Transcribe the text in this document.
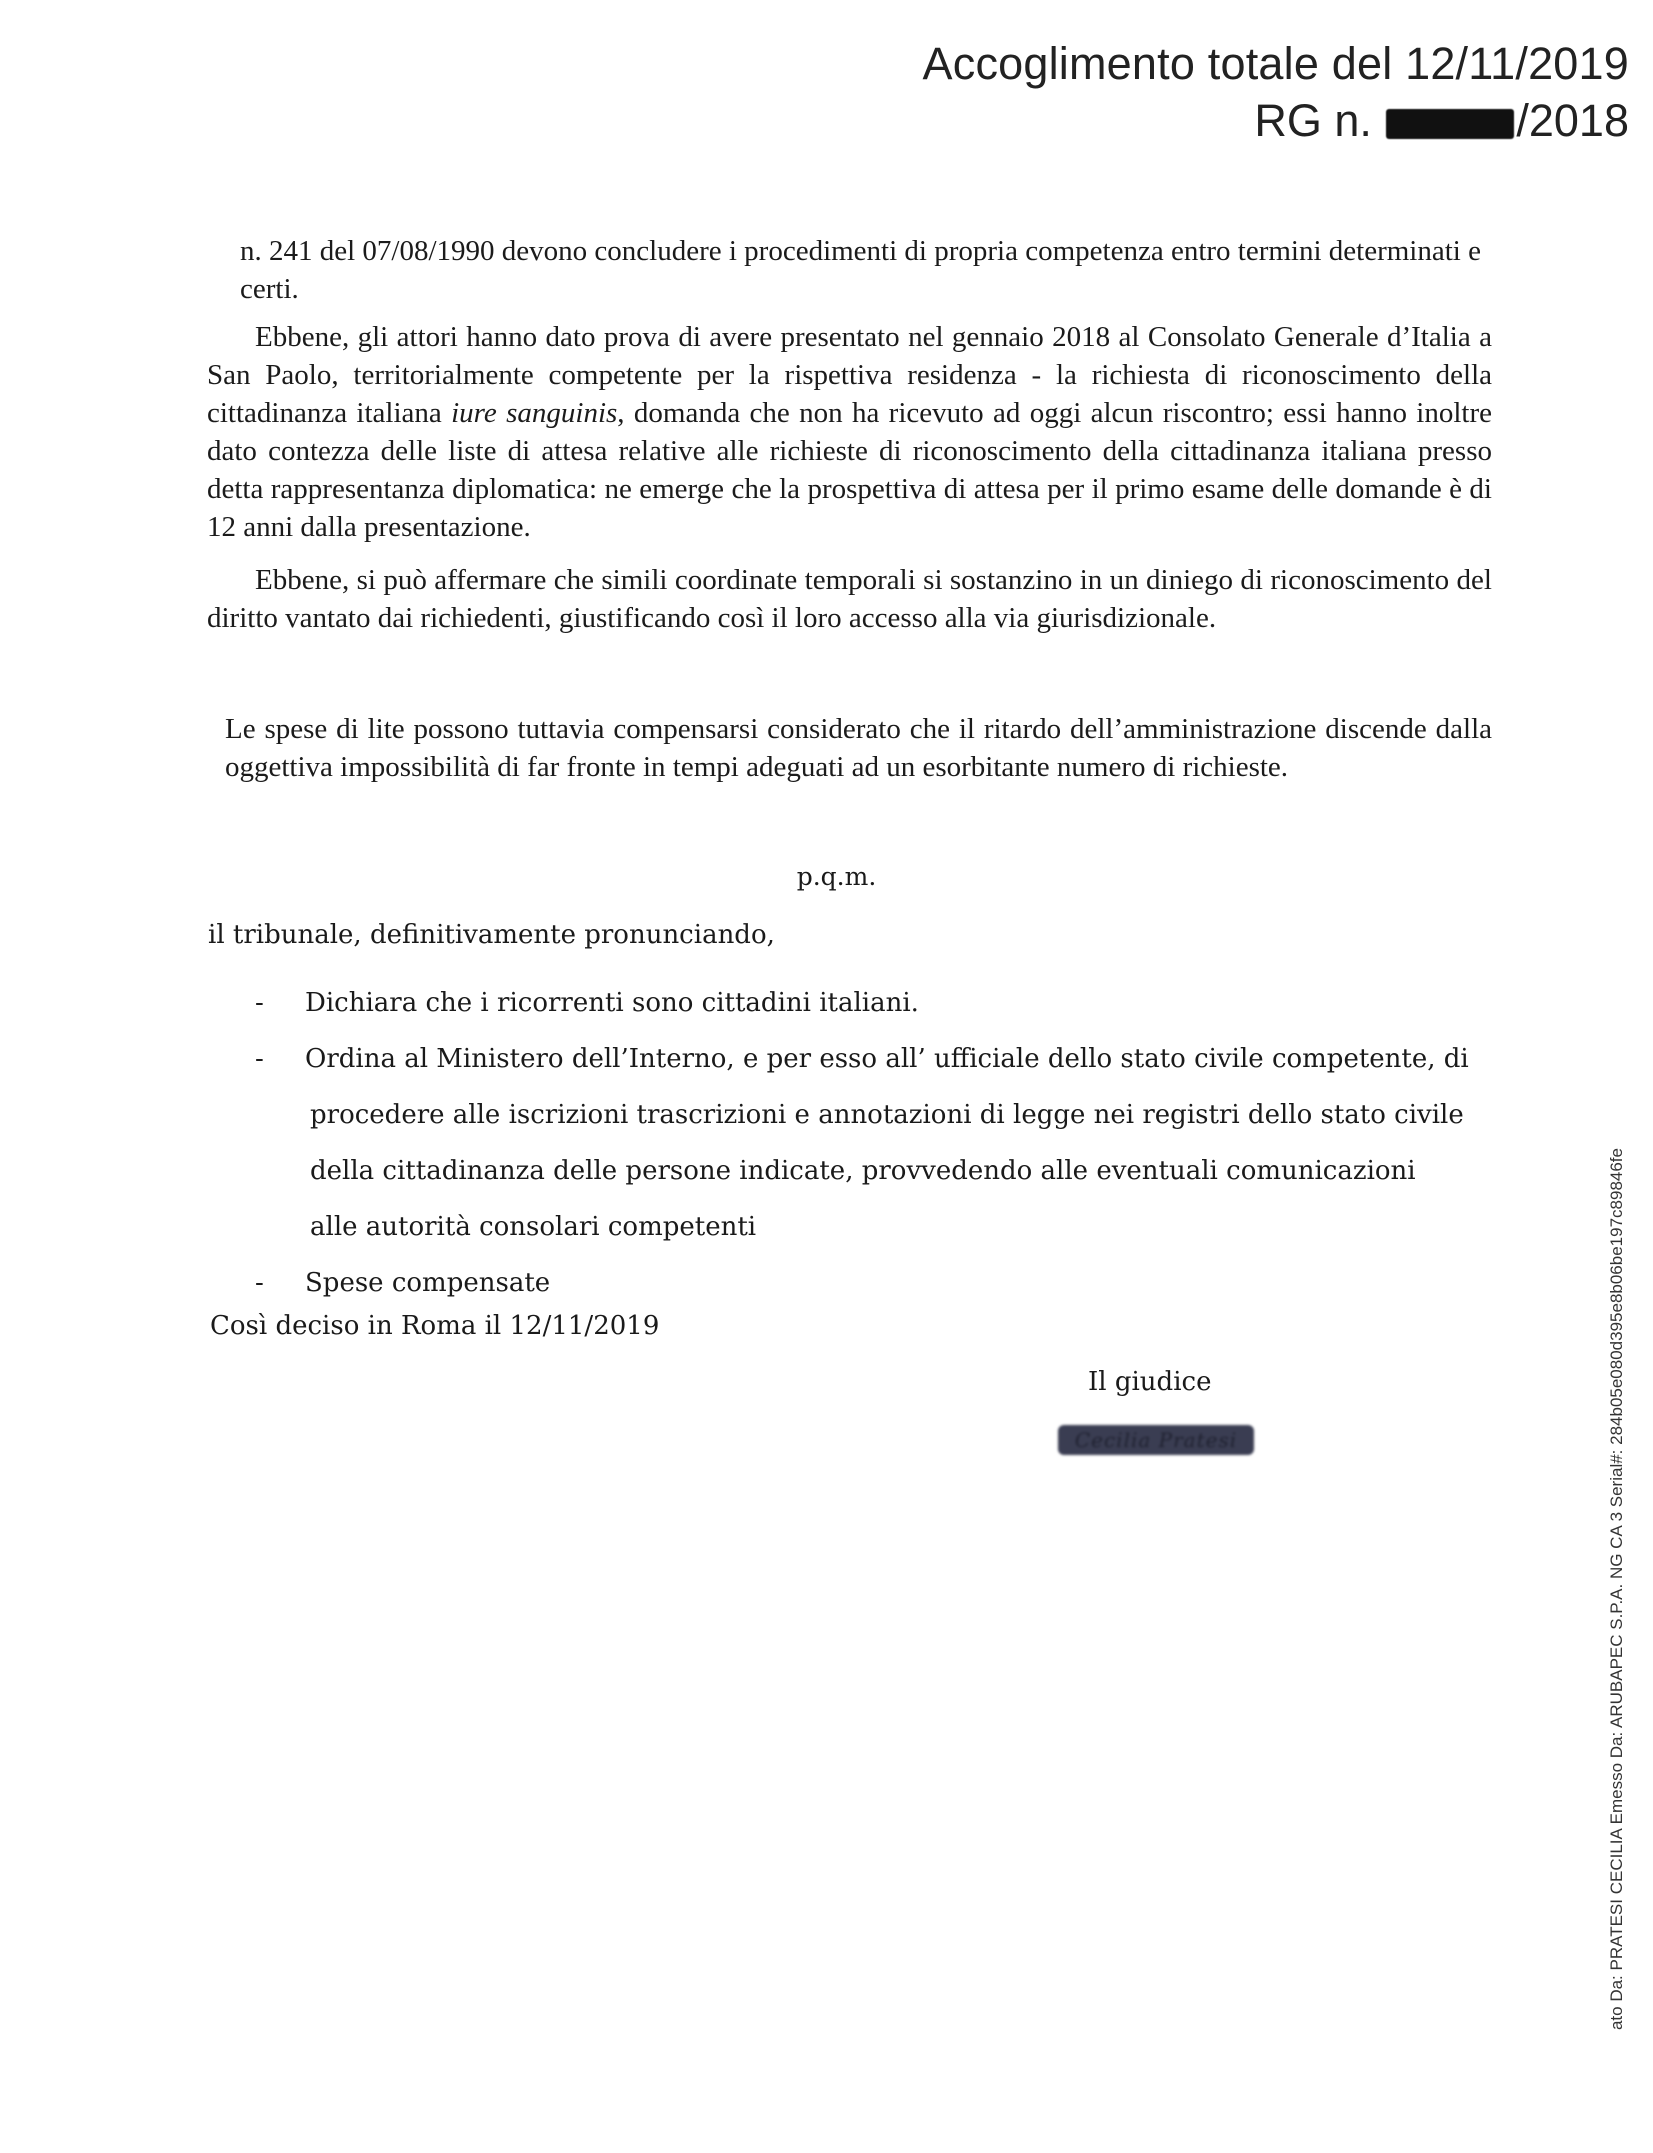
Accoglimento totale del 12/11/2019
RG n.	/2018
n. 241 del 07/08/1990 devono concludere i procedimenti di propria competenza entro termini determinati e certi.
Ebbene, gli attori hanno dato prova di avere presentato nel gennaio 2018 al Consolato Generale d’Italia a San Paolo, territorialmente competente per la rispettiva residenza - la richiesta di riconoscimento della cittadinanza italiana iure sanguinis, domanda che non ha ricevuto ad oggi alcun riscontro; essi hanno inoltre dato contezza delle liste di attesa relative alle richieste di riconoscimento della cittadinanza italiana presso detta rappresentanza diplomatica: ne emerge che la prospettiva di attesa per il primo esame delle domande è di 12 anni dalla presentazione.
Ebbene, si può affermare che simili coordinate temporali si sostanzino in un diniego di riconoscimento del diritto vantato dai richiedenti, giustificando così il loro accesso alla via giurisdizionale.
Le spese di lite possono tuttavia compensarsi considerato che il ritardo dell’amministrazione discende dalla oggettiva impossibilità di far fronte in tempi adeguati ad un esorbitante numero di richieste.
p.q.m.
il tribunale, definitivamente pronunciando,
- Dichiara che i ricorrenti sono cittadini italiani.
- Ordina al Ministero dell’Interno, e per esso all’ ufficiale dello stato civile competente, di
procedere alle iscrizioni trascrizioni e annotazioni di legge nei registri dello stato civile
della cittadinanza delle persone indicate, provvedendo alle eventuali comunicazioni
alle autorità consolari competenti
- Spese compensate
Così deciso in Roma il 12/11/2019
Il giudice
Cecilia Pratesi	ato Da: PRATESI CECILIA Emesso Da: ARUBAPEC S.P.A. NG CA 3 Serial#: 284b05e080d395e8b06be197c89846fe
